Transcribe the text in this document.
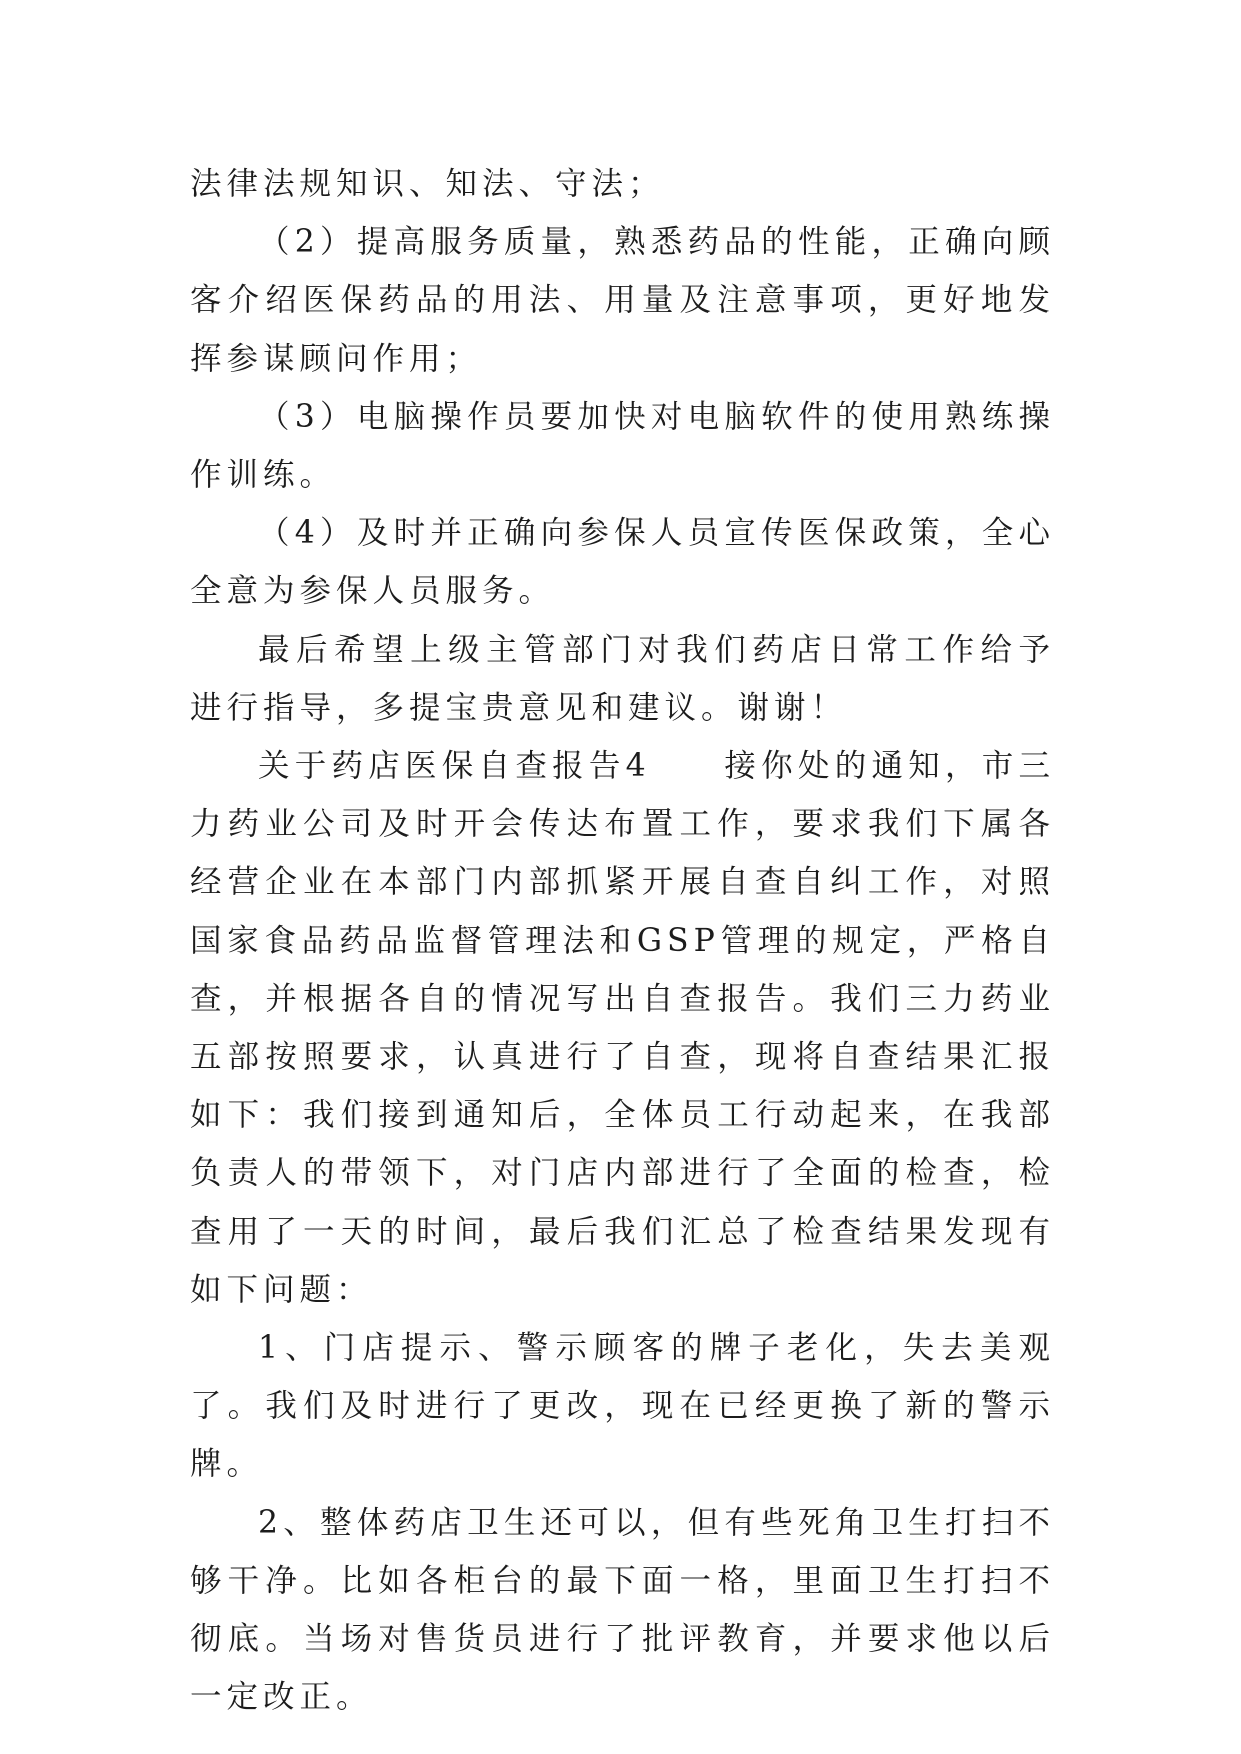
法律法规知识、知法、守法；

（2）提高服务质量，熟悉药品的性能，正确向顾客介绍医保药品的用法、用量及注意事项，更好地发挥参谋顾问作用；

（3）电脑操作员要加快对电脑软件的使用熟练操作训练。

（4）及时并正确向参保人员宣传医保政策，全心全意为参保人员服务。

最后希望上级主管部门对我们药店日常工作给予进行指导，多提宝贵意见和建议。谢谢！

关于药店医保自查报告4　　接你处的通知，市三力药业公司及时开会传达布置工作，要求我们下属各经营企业在本部门内部抓紧开展自查自纠工作，对照国家食品药品监督管理法和GSP管理的规定，严格自查，并根据各自的情况写出自查报告。我们三力药业五部按照要求，认真进行了自查，现将自查结果汇报如下：我们接到通知后，全体员工行动起来，在我部负责人的带领下，对门店内部进行了全面的检查，检查用了一天的时间，最后我们汇总了检查结果发现有如下问题：

1、门店提示、警示顾客的牌子老化，失去美观了。我们及时进行了更改，现在已经更换了新的警示牌。

2、整体药店卫生还可以，但有些死角卫生打扫不够干净。比如各柜台的最下面一格，里面卫生打扫不彻底。当场对售货员进行了批评教育，并要求他以后一定改正。
